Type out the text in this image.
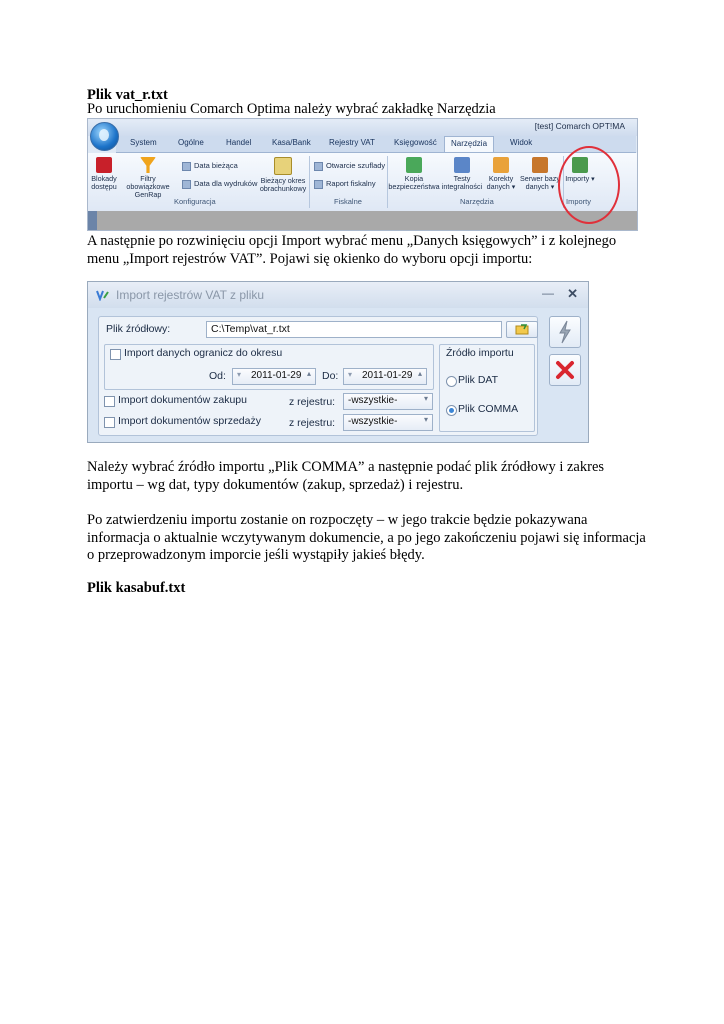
Plik vat_r.txt
Po uruchomieniu Comarch Optima należy wybrać zakładkę Narzędzia
[test] Comarch OPT!MA
System	Ogólne	Handel	Kasa/Bank Rejestry VAT Księgowość	Narzędzia	Widok
Blokady dostępu
Filtry obowiązkowe GenRap
Data bieżąca
Data dla wydruków Bieżący okres obrachunkowy
Konfiguracja
Otwarcie szuflady
Raport fiskalny
Fiskalne
Kopia bezpieczeństwa
Testy integralności
Korekty danych ▾
Serwer bazy danych ▾
Narzędzia
Importy ▾
Importy
A następnie po rozwinięciu opcji Import wybrać menu „Danych księgowych” i z kolejnego menu „Import rejestrów VAT”. Pojawi się okienko do wyboru opcji importu:
Import rejestrów VAT z pliku	— ✕
Plik źródłowy:	C:\Temp\vat_r.txt
Import danych ogranicz do okresu
Od: ▾ 2011-01-29 ▴ Do: ▾ 2011-01-29 ▴
Import dokumentów zakupu	z rejestru:	-wszystkie-	▾
Import dokumentów sprzedaży	z rejestru:	-wszystkie-	▾
Źródło importu
Plik DAT
Plik COMMA
Należy wybrać źródło importu „Plik COMMA” a następnie podać plik źródłowy i zakres importu – wg dat, typy dokumentów (zakup, sprzedaż) i rejestru.
Po zatwierdzeniu importu zostanie on rozpoczęty – w jego trakcie będzie pokazywana informacja o aktualnie wczytywanym dokumencie, a po jego zakończeniu pojawi się informacja o przeprowadzonym imporcie jeśli wystąpiły jakieś błędy.
Plik kasabuf.txt
